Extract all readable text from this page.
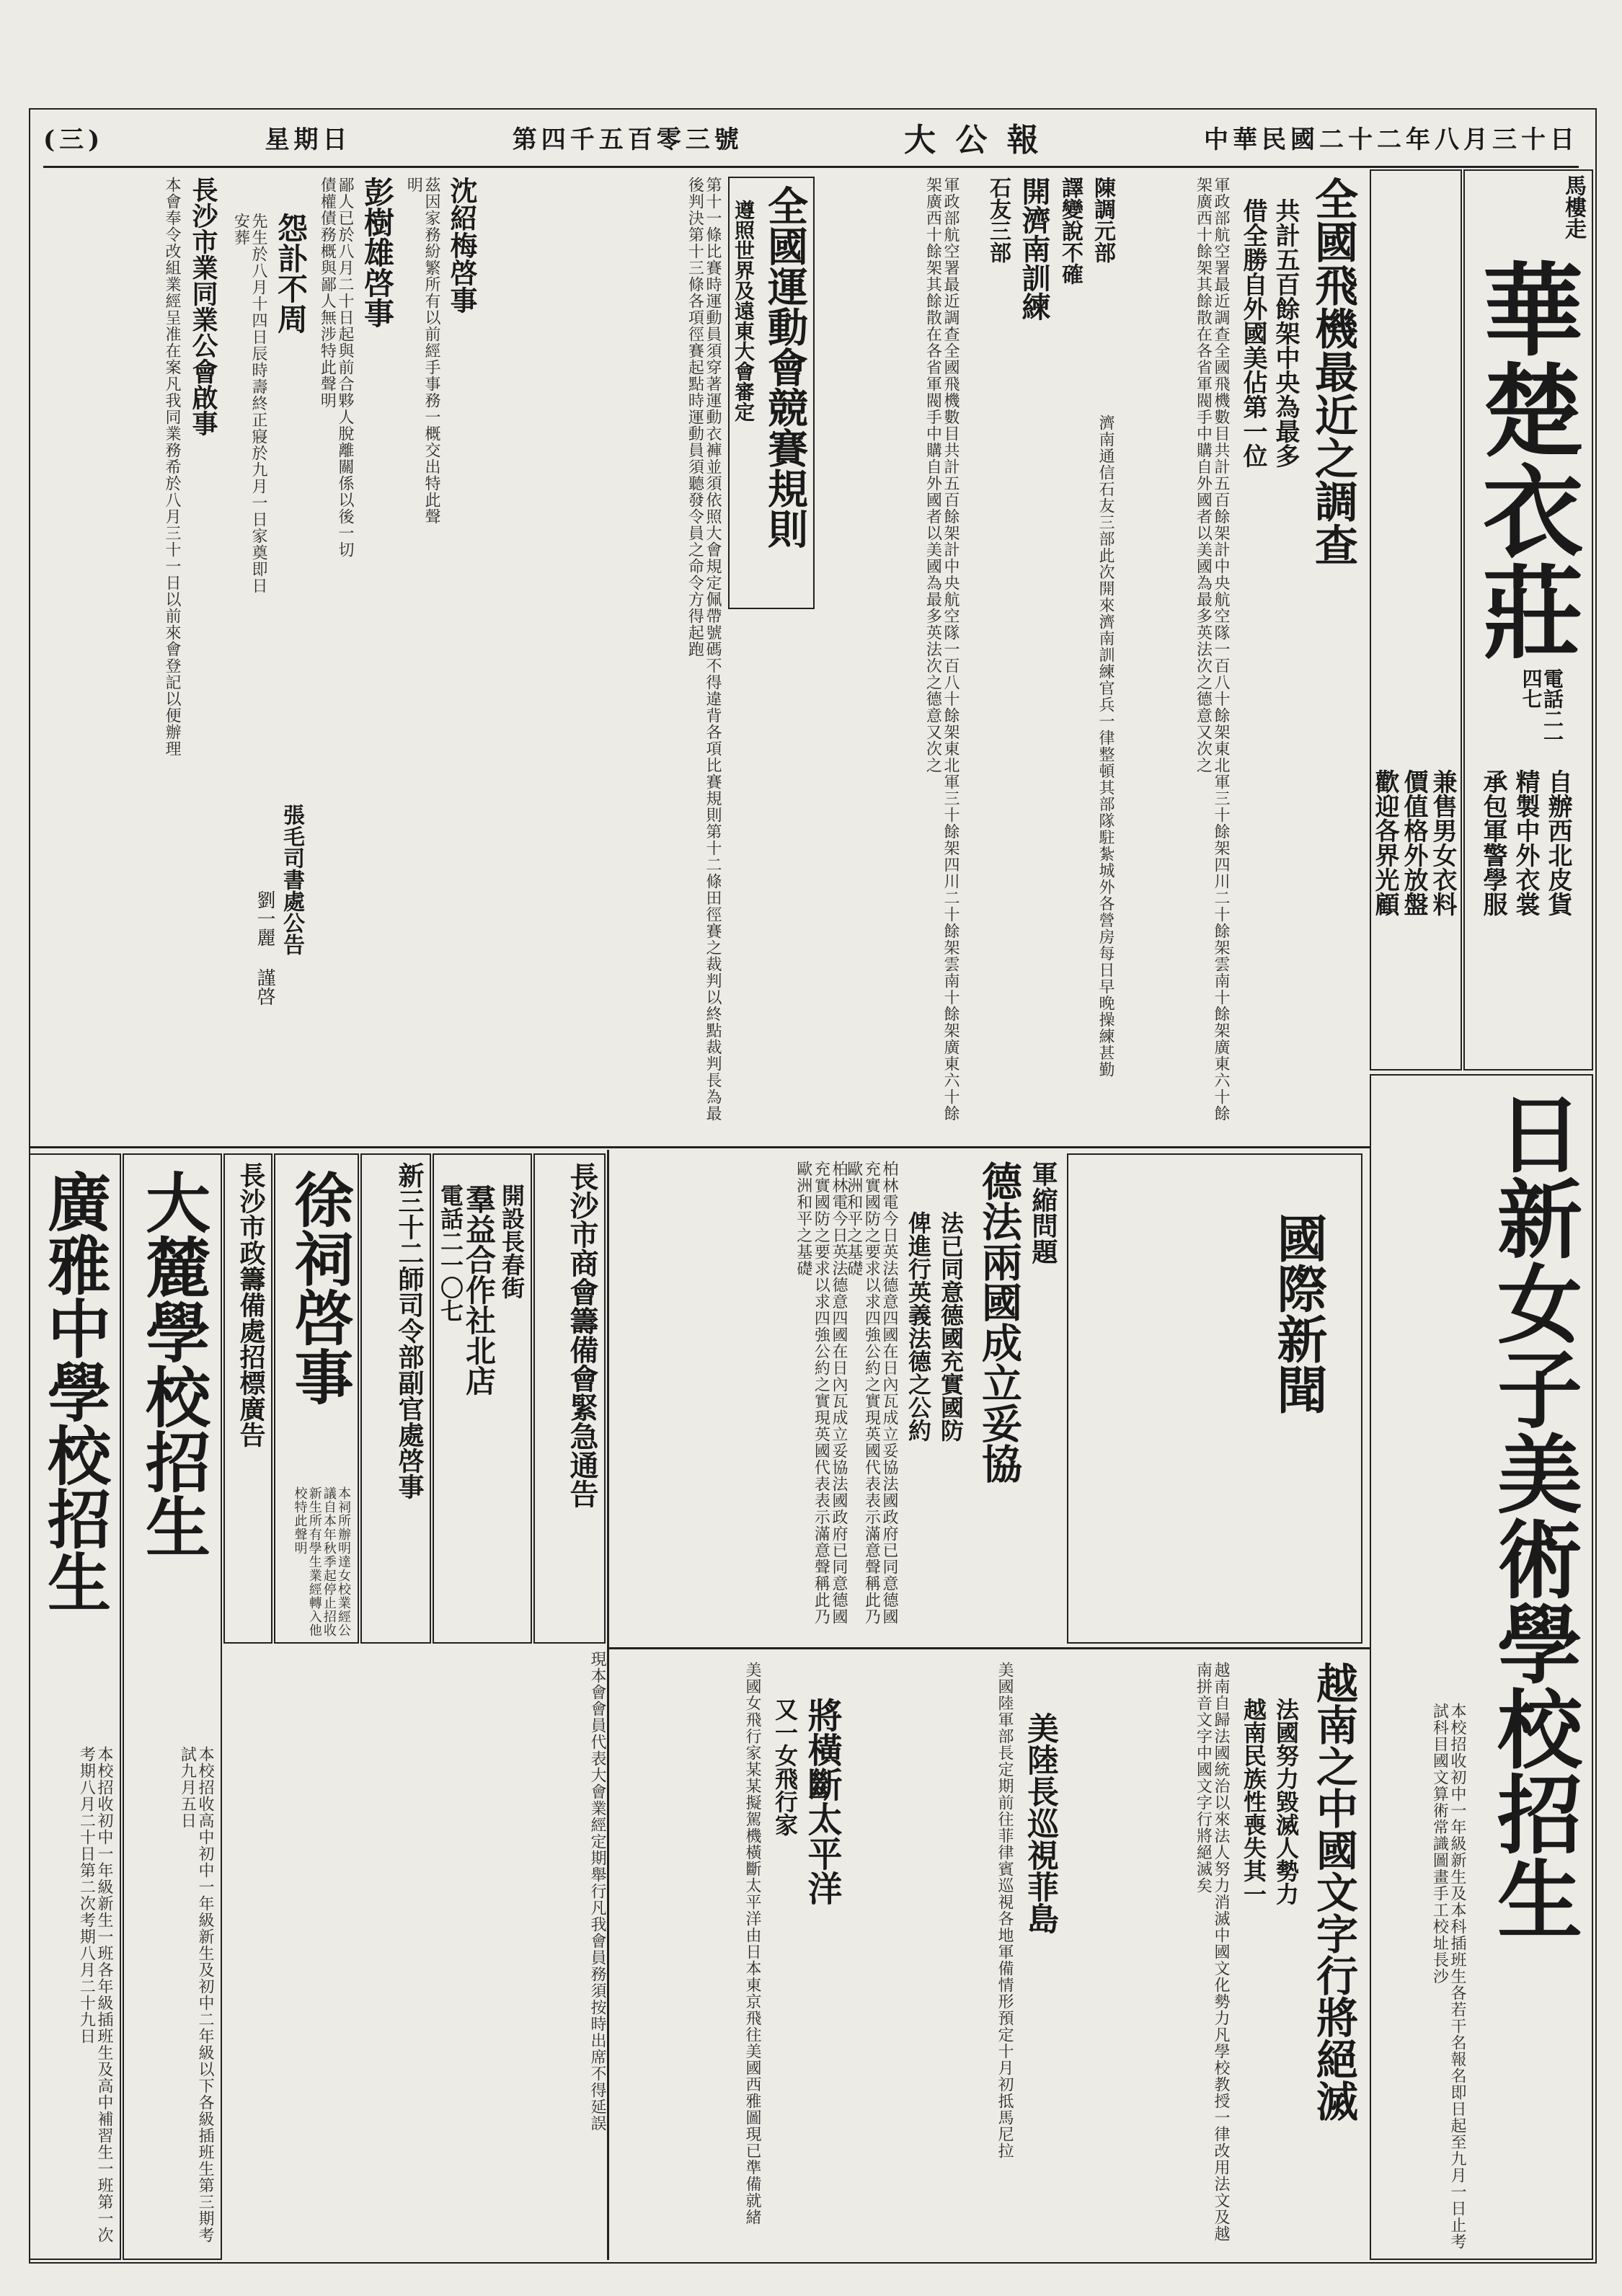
(三)	星期日	第四千五百零三號	大 公 報	中華民國二十二年八月三十日
馬樓走
華楚衣莊
電話二一四七
承包軍警學服 精製中外衣裳 自辦西北皮貨
兼售男女衣料
價值格外放盤
歡迎各界光顧
日新女子美術學校招生
本校招收初中一年級新生及本科插班生各若干名報名即日起至九月一日止考試科目國文算術常識圖畫手工校址長沙
全國飛機最近之調查
共計五百餘架中央為最多
借全勝自外國美佔第一位
軍政部航空署最近調查全國飛機數目共計五百餘架計中央航空隊一百八十餘架東北軍三十餘架四川二十餘架雲南十餘架廣東六十餘架廣西十餘架其餘散在各省軍閥手中購自外國者以美國為最多英法次之德意又次之
陳調元部
譯變說不確
開濟南訓練
石友三部
濟南通信石友三部此次開來濟南訓練官兵一律整頓其部隊駐紮城外各營房每日早晚操練甚勤
軍政部航空署最近調查全國飛機數目共計五百餘架計中央航空隊一百八十餘架東北軍三十餘架四川二十餘架雲南十餘架廣東六十餘架廣西十餘架其餘散在各省軍閥手中購自外國者以美國為最多英法次之德意又次之
全國運動會競賽規則
遵照世界及遠東大會審定
第十一條比賽時運動員須穿著運動衣褲並須依照大會規定佩帶號碼不得違背各項比賽規則第十二條田徑賽之裁判以終點裁判長為最後判決第十三條各項徑賽起點時運動員須聽發令員之命令方得起跑
沈紹梅啓事
茲因家務紛繁所有以前經手事務一概交出特此聲明
彭樹雄啓事
鄙人已於八月二十日起與前合夥人脫離關係以後一切債權債務概與鄙人無涉特此聲明
怨訃不周
先生於八月十四日辰時壽終正寢於九月一日家奠即日安葬
長沙市業同業公會啟事
本會奉令改組業經呈准在案凡我同業務希於八月三十一日以前來會登記以便辦理
張毛司書處公告
劉一麗 謹啓
國際新聞
軍縮問題
德法兩國成立妥協
法已同意德國充實國防
俾進行英義法德之公約
柏林電今日英法德意四國在日內瓦成立妥協法國政府已同意德國充實國防之要求以求四強公約之實現英國代表表示滿意聲稱此乃歐洲和平之基礎
柏林電今日英法德意四國在日內瓦成立妥協法國政府已同意德國充實國防之要求以求四強公約之實現英國代表表示滿意聲稱此乃歐洲和平之基礎
越南之中國文字行將絕滅
法國努力毀滅人勢力
越南民族性喪失其一
越南自歸法國統治以來法人努力消滅中國文化勢力凡學校教授一律改用法文及越南拼音文字中國文字行將絕滅矣
美陸長巡視菲島
美國陸軍部長定期前往菲律賓巡視各地軍備情形預定十月初抵馬尼拉
將橫斷太平洋
又一女飛行家
美國女飛行家某某擬駕機橫斷太平洋由日本東京飛往美國西雅圖現已準備就緒
長沙市商會籌備會緊急通告
開設長春街
羣益合作社北店
電話二一〇七
新三十二師司令部副官處啓事
徐祠啓事
本祠所辦明達女校業經公議自本年秋季起停止招收新生所有學生業經轉入他校特此聲明
長沙市政籌備處招標廣告
大麓學校招生
本校招收高中初中一年級新生及初中二年級以下各級插班生第三期考試九月五日
廣雅中學校招生
本校招收初中一年級新生一班各年級插班生及高中補習生一班第一次考期八月二十日第二次考期八月二十九日	現本會會員代表大會業經定期舉行凡我會員務須按時出席不得延誤
